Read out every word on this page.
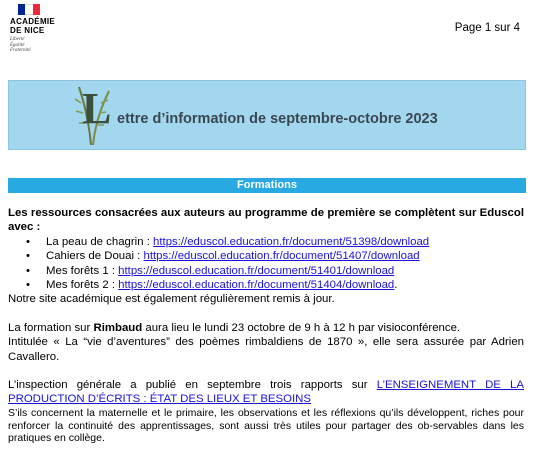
ACADÉMIE
DE NICE
Liberté
Égalité
Fraternité
Page 1 sur 4
L ettre d’information de septembre-octobre 2023
Formations

Les ressources consacrées aux auteurs au programme de première se complètent sur Eduscol avec :

• La peau de chagrin : https://eduscol.education.fr/document/51398/download
• Cahiers de Douai : https://eduscol.education.fr/document/51407/download
• Mes forêts 1 : https://eduscol.education.fr/document/51401/download
• Mes forêts 2 : https://eduscol.education.fr/document/51404/download.

Notre site académique est également régulièrement remis à jour.

La formation sur Rimbaud aura lieu le lundi 23 octobre de 9 h à 12 h par visioconférence.

Intitulée « La “vie d’aventures” des poèmes rimbaldiens de 1870 », elle sera assurée par Adrien Cavallero.

L’inspection générale a publié en septembre trois rapports sur L’ENSEIGNEMENT DE LA PRODUCTION D’ÉCRITS : ÉTAT DES LIEUX ET BESOINS

S’ils concernent la maternelle et le primaire, les observations et les réflexions qu’ils développent, riches pour renforcer la continuité des apprentissages, sont aussi très utiles pour partager des ob-servables dans les pratiques en collège.
